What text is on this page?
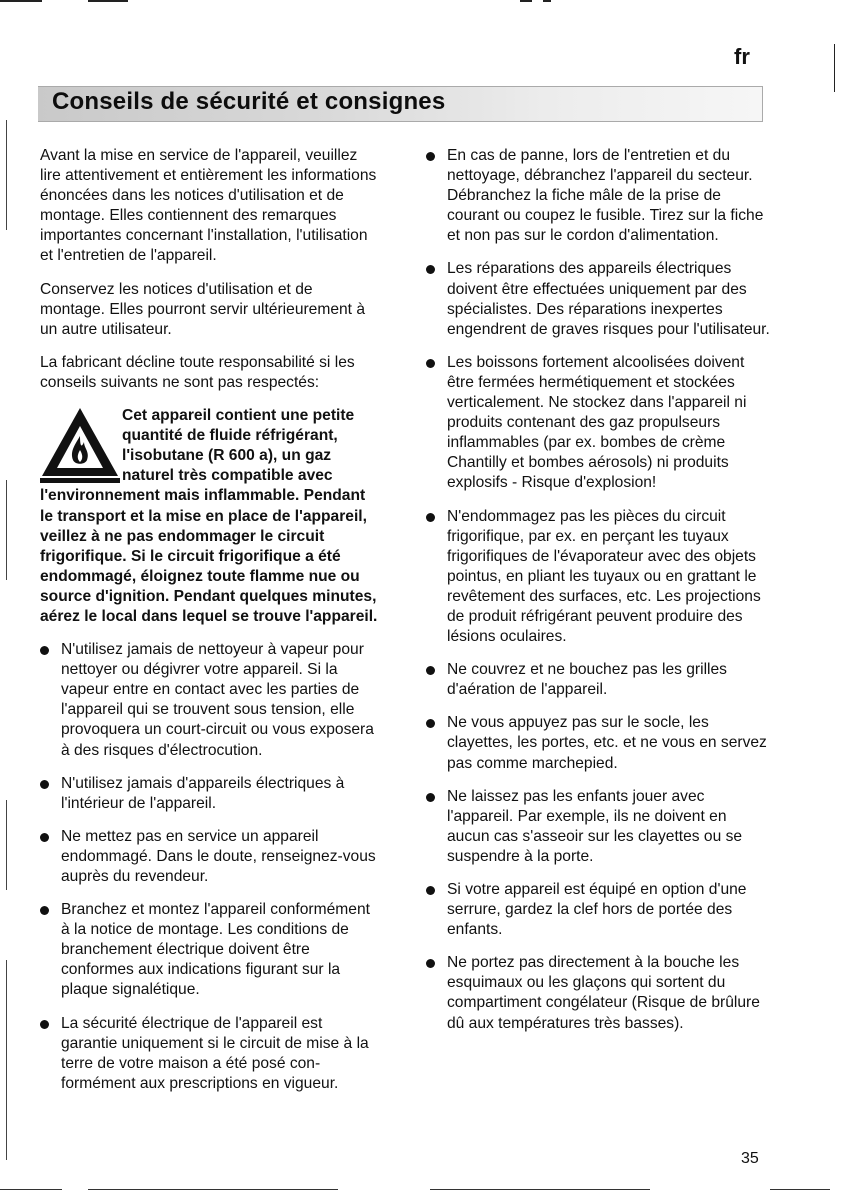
fr
Conseils de sécurité et consignes

Avant la mise en service de l'appareil, veuillez lire attentivement et entièrement les informations énoncées dans les notices d'utilisation et de montage. Elles contiennent des remarques importantes concernant l'installation, l'utilisation et l'entretien de l'appareil.

Conservez les notices d'utilisation et de montage. Elles pourront servir ultérieurement à un autre utilisateur.

La fabricant décline toute responsabilité si les conseils suivants ne sont pas respectés:

Cet appareil contient une petite quantité de fluide réfrigérant, l'isobutane (R 600 a), un gaz naturel très compatible avec
l'environnement mais inflammable. Pendant le transport et la mise en place de l'appareil, veillez à ne pas endommager le circuit frigorifique. Si le circuit frigorifique a été endommagé, éloignez toute flamme nue ou source d'ignition. Pendant quelques minutes, aérez le local dans lequel se trouve l'appareil.
N'utilisez jamais de nettoyeur à vapeur pour nettoyer ou dégivrer votre appareil. Si la vapeur entre en contact avec les parties de l'appareil qui se trouvent sous tension, elle provoquera un court-circuit ou vous exposera à des risques d'électrocution.
N'utilisez jamais d'appareils électriques à l'intérieur de l'appareil.
Ne mettez pas en service un appareil endommagé. Dans le doute, renseignez-vous auprès du revendeur.
Branchez et montez l'appareil conformément à la notice de montage. Les conditions de branchement électrique doivent être conformes aux indications figurant sur la plaque signalétique.
La sécurité électrique de l'appareil est garantie uniquement si le circuit de mise à la terre de votre maison a été posé con-formément aux prescriptions en vigueur.
En cas de panne, lors de l'entretien et du nettoyage, débranchez l'appareil du secteur. Débranchez la fiche mâle de la prise de courant ou coupez le fusible. Tirez sur la fiche et non pas sur le cordon d'alimentation.
Les réparations des appareils électriques doivent être effectuées uniquement par des spécialistes. Des réparations inexpertes engendrent de graves risques pour l'utilisateur.
Les boissons fortement alcoolisées doivent être fermées hermétiquement et stockées verticalement. Ne stockez dans l'appareil ni produits contenant des gaz propulseurs inflammables (par ex. bombes de crème Chantilly et bombes aérosols) ni produits explosifs - Risque d'explosion!
N'endommagez pas les pièces du circuit frigorifique, par ex. en perçant les tuyaux frigorifiques de l'évaporateur avec des objets pointus, en pliant les tuyaux ou en grattant le revêtement des surfaces, etc. Les projections de produit réfrigérant peuvent produire des lésions oculaires.
Ne couvrez et ne bouchez pas les grilles d'aération de l'appareil.
Ne vous appuyez pas sur le socle, les clayettes, les portes, etc. et ne vous en servez pas comme marchepied.
Ne laissez pas les enfants jouer avec l'appareil. Par exemple, ils ne doivent en aucun cas s'asseoir sur les clayettes ou se suspendre à la porte.
Si votre appareil est équipé en option d'une serrure, gardez la clef hors de portée des enfants.
Ne portez pas directement à la bouche les esquimaux ou les glaçons qui sortent du compartiment congélateur (Risque de brûlure dû aux températures très basses).
35
